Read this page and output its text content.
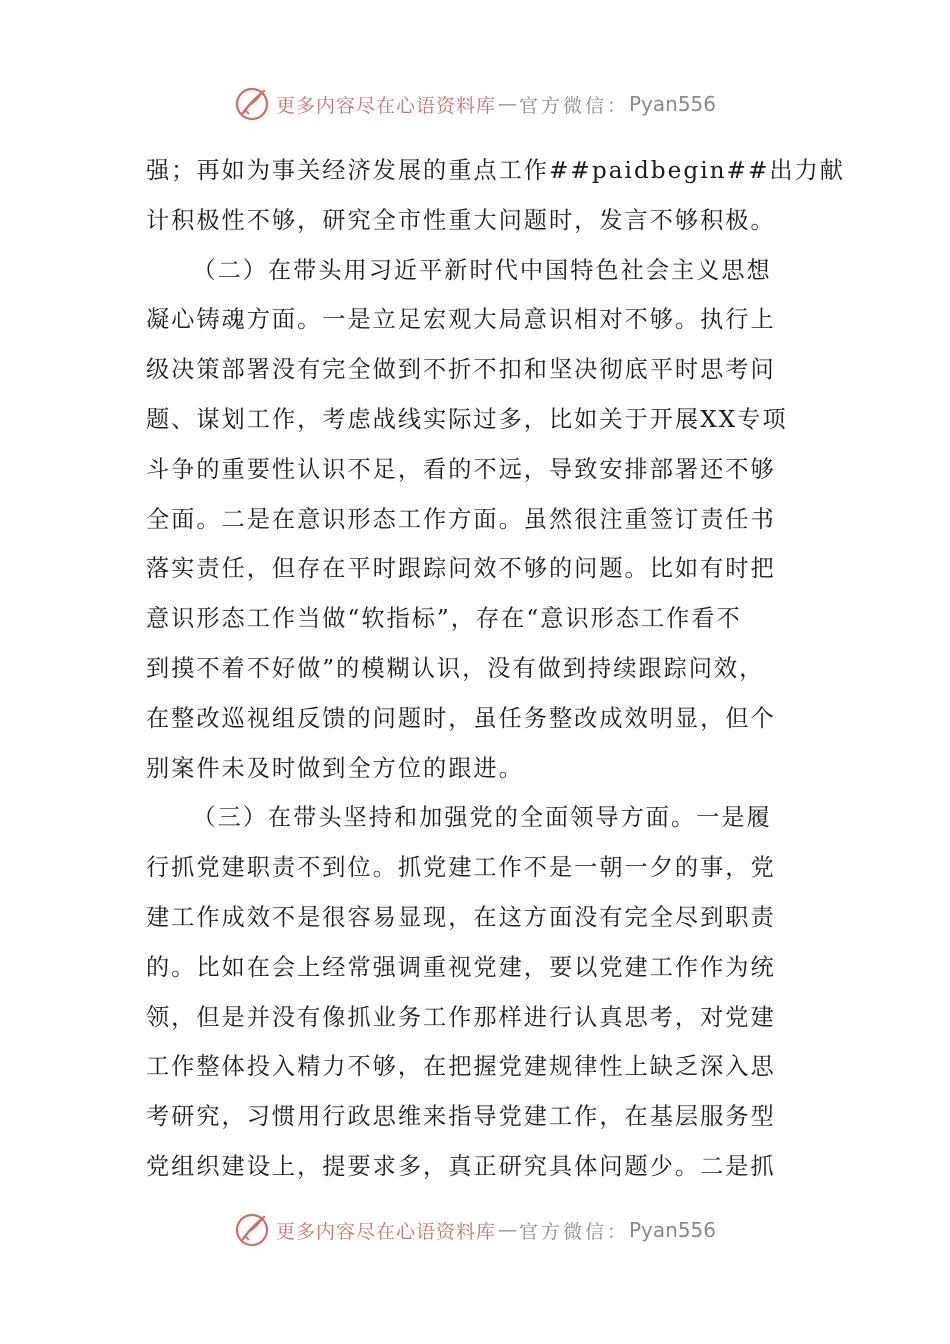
更多内容尽在心语资料库 — 官方微信： Pyan556

强；再如为事关经济发展的重点工作##paidbegin##出力献
计积极性不够，研究全市性重大问题时，发言不够积极。

（二）在带头用习近平新时代中国特色社会主义思想
凝心铸魂方面。一是立足宏观大局意识相对不够。执行上
级决策部署没有完全做到不折不扣和坚决彻底平时思考问
题、谋划工作，考虑战线实际过多，比如关于开展XX专项
斗争的重要性认识不足，看的不远，导致安排部署还不够
全面。二是在意识形态工作方面。虽然很注重签订责任书
落实责任，但存在平时跟踪问效不够的问题。比如有时把
意识形态工作当做“软指标”，存在“意识形态工作看不
到摸不着不好做”的模糊认识，没有做到持续跟踪问效，
在整改巡视组反馈的问题时，虽任务整改成效明显，但个
别案件未及时做到全方位的跟进。

（三）在带头坚持和加强党的全面领导方面。一是履
行抓党建职责不到位。抓党建工作不是一朝一夕的事，党
建工作成效不是很容易显现，在这方面没有完全尽到职责
的。比如在会上经常强调重视党建，要以党建工作作为统
领，但是并没有像抓业务工作那样进行认真思考，对党建
工作整体投入精力不够，在把握党建规律性上缺乏深入思
考研究，习惯用行政思维来指导党建工作，在基层服务型
党组织建设上，提要求多，真正研究具体问题少。二是抓

更多内容尽在心语资料库 — 官方微信： Pyan556
